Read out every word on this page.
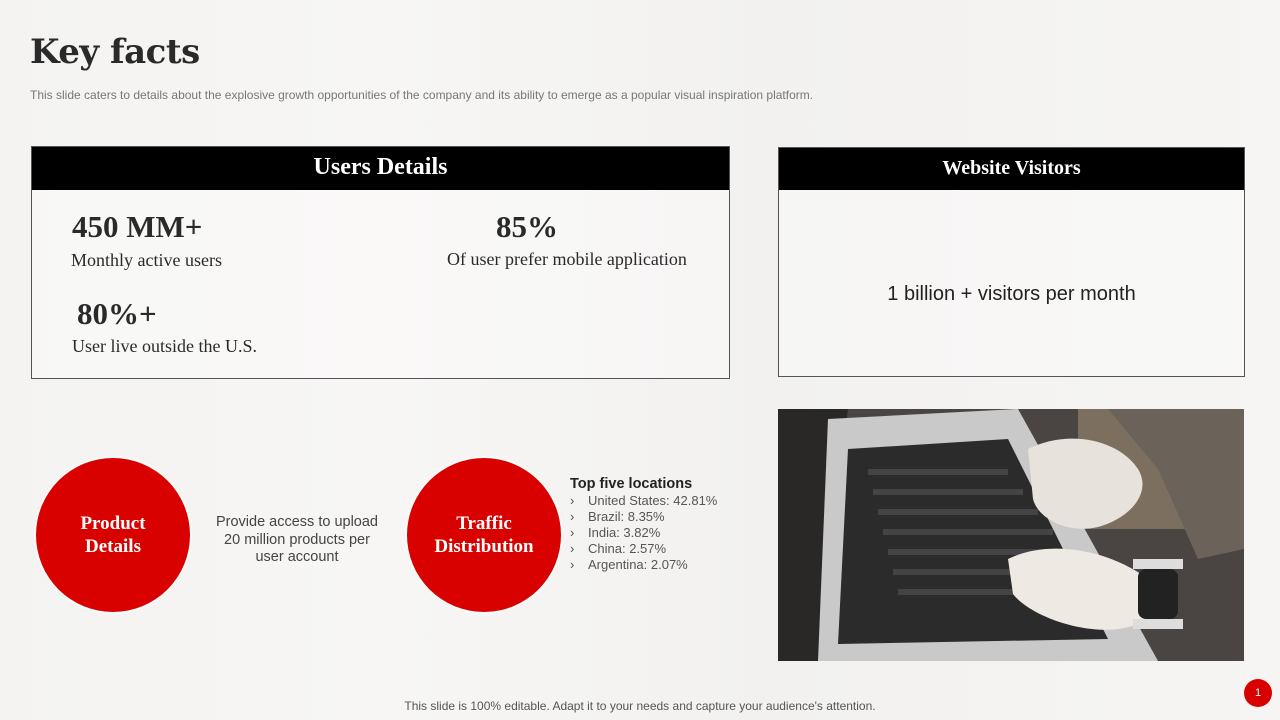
Key facts
This slide caters to details about the explosive growth opportunities of the company and its ability to emerge as a popular visual inspiration platform.
Users Details
450 MM+
Monthly active users
85%
Of user prefer mobile application
80%+
User live outside the U.S.
Website Visitors
1 billion + visitors per month
Product Details
Provide access to upload 20 million products per user account
Traffic Distribution
Top five locations
› United States: 42.81%
› Brazil: 8.35%
› India: 3.82%
› China: 2.57%
› Argentina: 2.07%
This slide is 100% editable. Adapt it to your needs and capture your audience's attention.
1
